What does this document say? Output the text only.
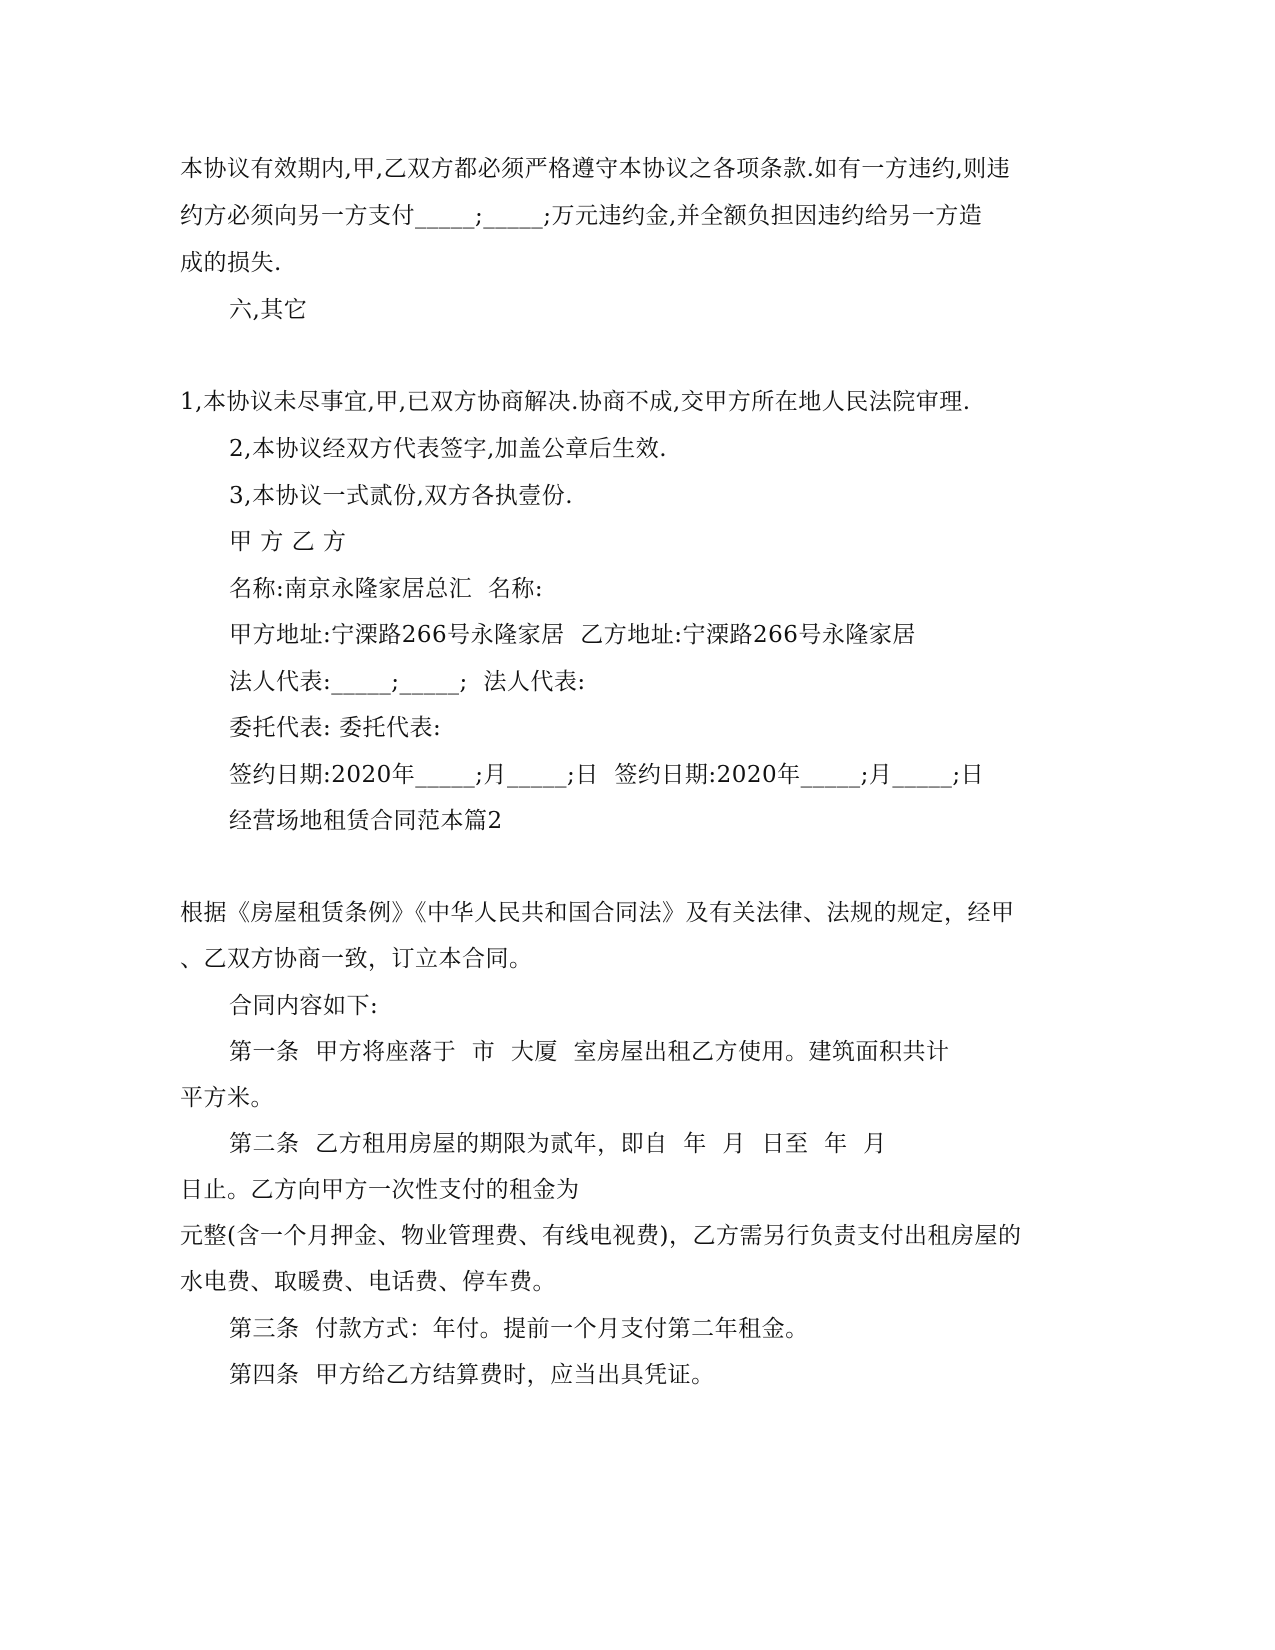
本协议有效期内,甲,乙双方都必须严格遵守本协议之各项条款.如有一方违约,则违
约方必须向另一方支付_____;_____;万元违约金,并全额负担因违约给另一方造
成的损失.
六,其它
1,本协议未尽事宜,甲,已双方协商解决.协商不成,交甲方所在地人民法院审理.
2,本协议经双方代表签字,加盖公章后生效.
3,本协议一式贰份,双方各执壹份.
甲 方 乙 方
名称:南京永隆家居总汇  名称:
甲方地址:宁溧路266号永隆家居  乙方地址:宁溧路266号永隆家居
法人代表:_____;_____;  法人代表:
委托代表: 委托代表:
签约日期:2020年_____;月_____;日  签约日期:2020年_____;月_____;日
经营场地租赁合同范本篇2
根据《房屋租赁条例》《中华人民共和国合同法》及有关法律、法规的规定，经甲
、乙双方协商一致，订立本合同。
合同内容如下:
第一条  甲方将座落于  市  大厦  室房屋出租乙方使用。建筑面积共计
平方米。
第二条  乙方租用房屋的期限为贰年，即自  年  月  日至  年  月
日止。乙方向甲方一次性支付的租金为
元整(含一个月押金、物业管理费、有线电视费)，乙方需另行负责支付出租房屋的
水电费、取暖费、电话费、停车费。
第三条  付款方式：年付。提前一个月支付第二年租金。
第四条  甲方给乙方结算费时，应当出具凭证。
